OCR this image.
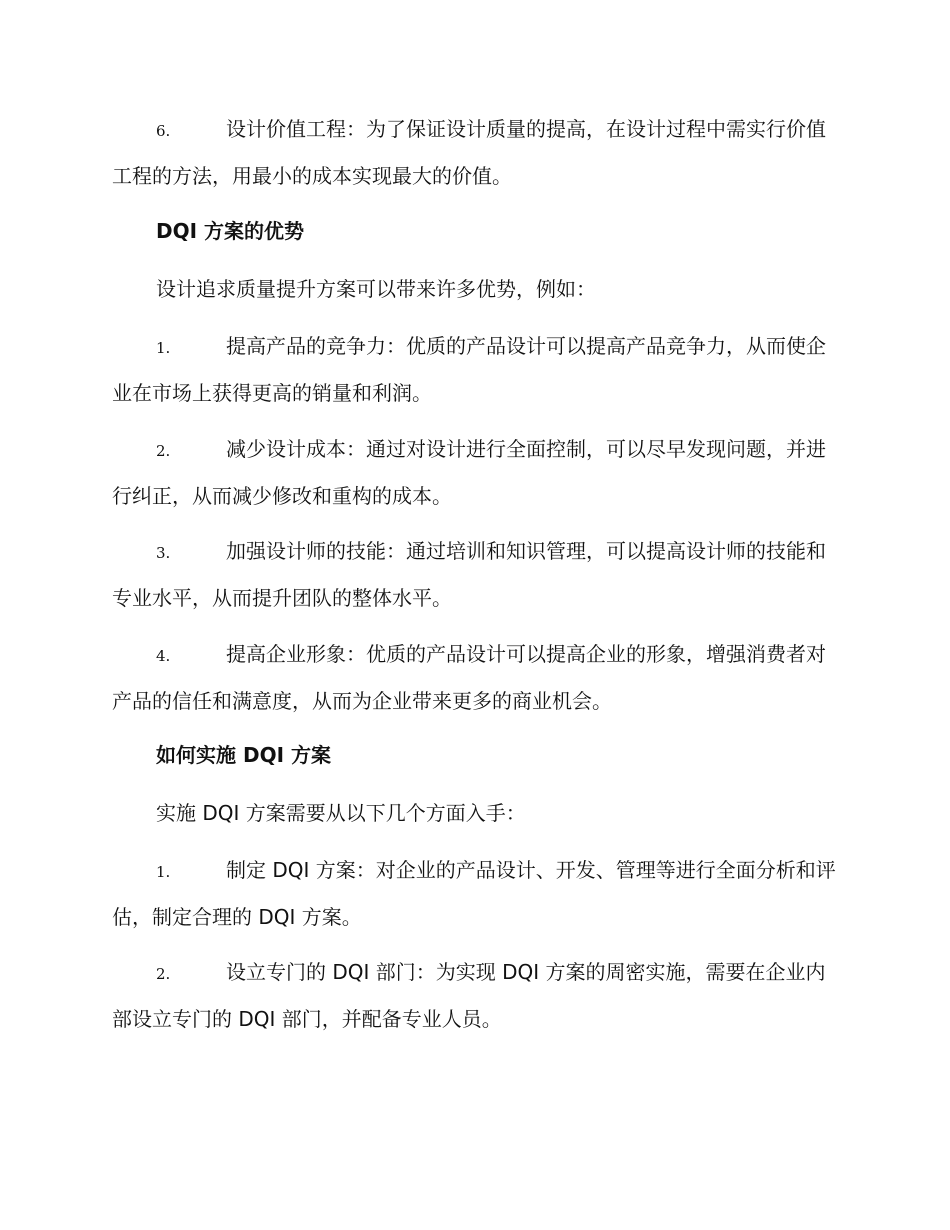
6.	设计价值工程：为了保证设计质量的提高，在设计过程中需实行价值工程的方法，用最小的成本实现最大的价值。

DQI 方案的优势

设计追求质量提升方案可以带来许多优势，例如：

1.	提高产品的竞争力：优质的产品设计可以提高产品竞争力，从而使企业在市场上获得更高的销量和利润。

2.	减少设计成本：通过对设计进行全面控制，可以尽早发现问题，并进行纠正，从而减少修改和重构的成本。

3.	加强设计师的技能：通过培训和知识管理，可以提高设计师的技能和专业水平，从而提升团队的整体水平。

4.	提高企业形象：优质的产品设计可以提高企业的形象，增强消费者对产品的信任和满意度，从而为企业带来更多的商业机会。

如何实施 DQI 方案

实施 DQI 方案需要从以下几个方面入手：

1.	制定 DQI 方案：对企业的产品设计、开发、管理等进行全面分析和评估，制定合理的 DQI 方案。

2.	设立专门的 DQI 部门：为实现 DQI 方案的周密实施，需要在企业内部设立专门的 DQI 部门，并配备专业人员。
